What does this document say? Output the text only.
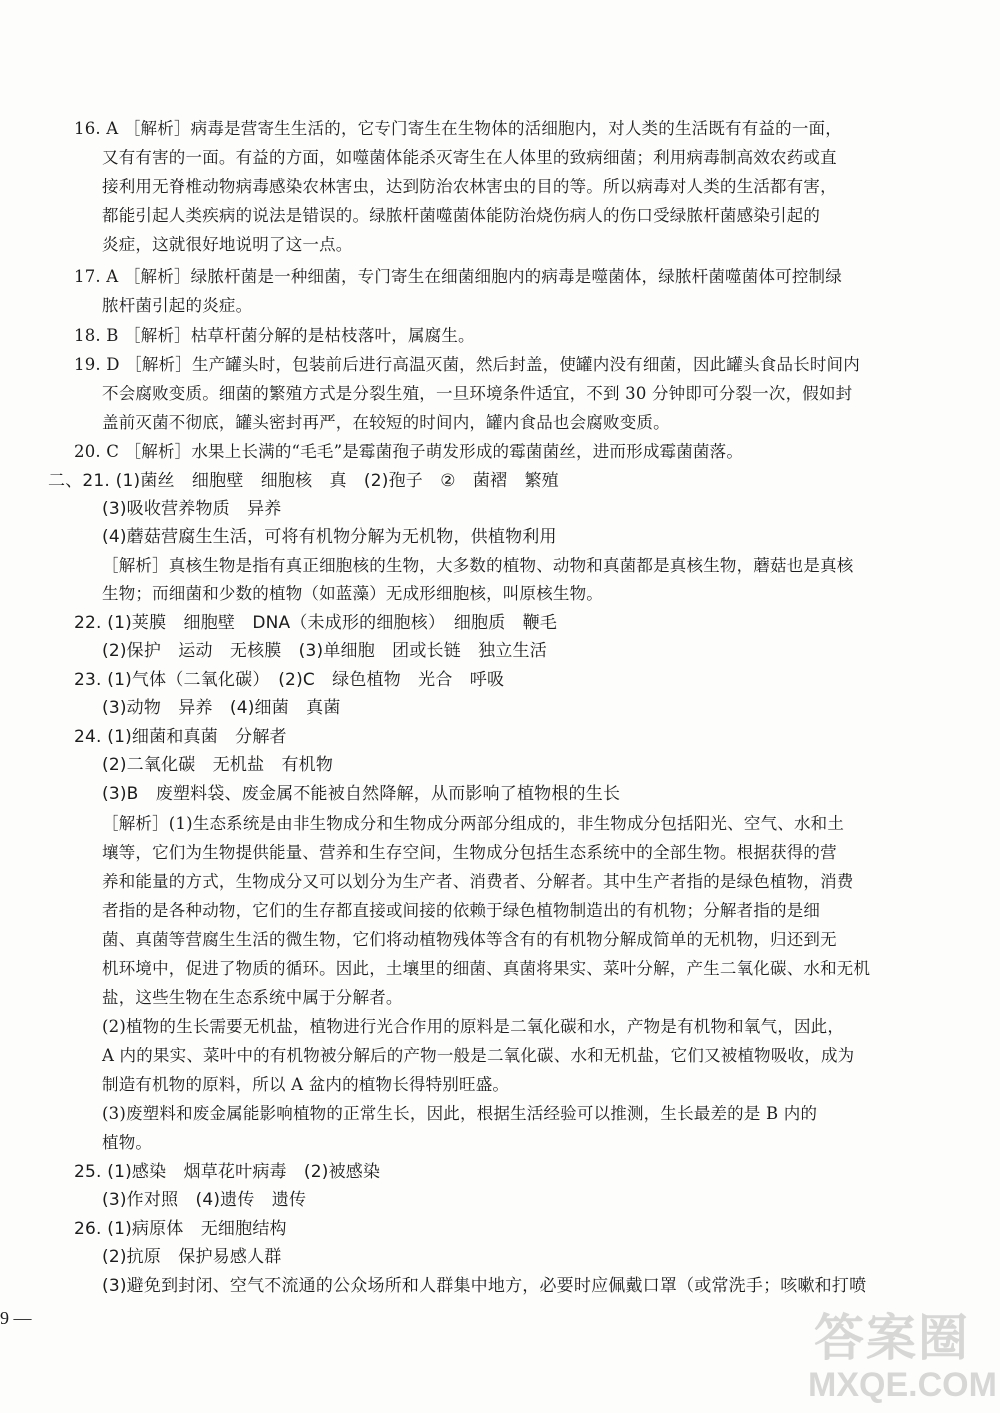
16. A ［解析］病毒是营寄生生活的，它专门寄生在生物体的活细胞内，对人类的生活既有有益的一面，
又有有害的一面。有益的方面，如噬菌体能杀灭寄生在人体里的致病细菌；利用病毒制高效农药或直
接利用无脊椎动物病毒感染农林害虫，达到防治农林害虫的目的等。所以病毒对人类的生活都有害，
都能引起人类疾病的说法是错误的。绿脓杆菌噬菌体能防治烧伤病人的伤口受绿脓杆菌感染引起的
炎症，这就很好地说明了这一点。
17. A ［解析］绿脓杆菌是一种细菌，专门寄生在细菌细胞内的病毒是噬菌体，绿脓杆菌噬菌体可控制绿
脓杆菌引起的炎症。
18. B ［解析］枯草杆菌分解的是枯枝落叶，属腐生。
19. D ［解析］生产罐头时，包装前后进行高温灭菌，然后封盖，使罐内没有细菌，因此罐头食品长时间内
不会腐败变质。细菌的繁殖方式是分裂生殖，一旦环境条件适宜，不到 30 分钟即可分裂一次，假如封
盖前灭菌不彻底，罐头密封再严，在较短的时间内，罐内食品也会腐败变质。
20. C ［解析］水果上长满的“毛毛”是霉菌孢子萌发形成的霉菌菌丝，进而形成霉菌菌落。
二、21. (1)菌丝　细胞壁　细胞核　真　(2)孢子　②　菌褶　繁殖
(3)吸收营养物质　异养
(4)蘑菇营腐生生活，可将有机物分解为无机物，供植物利用
［解析］真核生物是指有真正细胞核的生物，大多数的植物、动物和真菌都是真核生物，蘑菇也是真核
生物；而细菌和少数的植物（如蓝藻）无成形细胞核，叫原核生物。
22. (1)荚膜　细胞壁　DNA（未成形的细胞核）　细胞质　鞭毛
(2)保护　运动　无核膜　(3)单细胞　团或长链　独立生活
23. (1)气体（二氧化碳）　(2)C　绿色植物　光合　呼吸
(3)动物　异养　(4)细菌　真菌
24. (1)细菌和真菌　分解者
(2)二氧化碳　无机盐　有机物
(3)B　废塑料袋、废金属不能被自然降解，从而影响了植物根的生长
［解析］(1)生态系统是由非生物成分和生物成分两部分组成的，非生物成分包括阳光、空气、水和土
壤等，它们为生物提供能量、营养和生存空间，生物成分包括生态系统中的全部生物。根据获得的营
养和能量的方式，生物成分又可以划分为生产者、消费者、分解者。其中生产者指的是绿色植物，消费
者指的是各种动物，它们的生存都直接或间接的依赖于绿色植物制造出的有机物；分解者指的是细
菌、真菌等营腐生生活的微生物，它们将动植物残体等含有的有机物分解成简单的无机物，归还到无
机环境中，促进了物质的循环。因此，土壤里的细菌、真菌将果实、菜叶分解，产生二氧化碳、水和无机
盐，这些生物在生态系统中属于分解者。
(2)植物的生长需要无机盐，植物进行光合作用的原料是二氧化碳和水，产物是有机物和氧气，因此，
A 内的果实、菜叶中的有机物被分解后的产物一般是二氧化碳、水和无机盐，它们又被植物吸收，成为
制造有机物的原料，所以 A 盆内的植物长得特别旺盛。
(3)废塑料和废金属能影响植物的正常生长，因此，根据生活经验可以推测，生长最差的是 B 内的
植物。
25. (1)感染　烟草花叶病毒　(2)被感染
(3)作对照　(4)遗传　遗传
26. (1)病原体　无细胞结构
(2)抗原　保护易感人群
(3)避免到封闭、空气不流通的公众场所和人群集中地方，必要时应佩戴口罩（或常洗手；咳嗽和打喷
9 —	答案圈
MXQE.COM
